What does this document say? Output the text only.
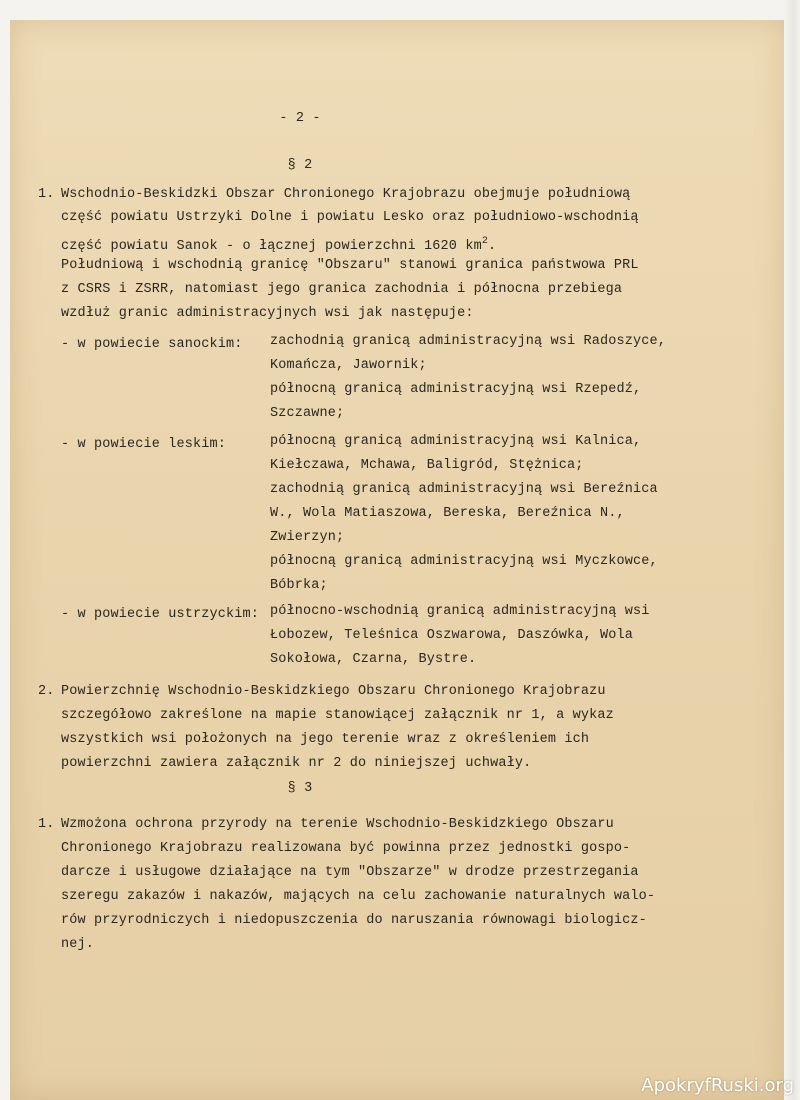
- 2 -
§ 2
1. Wschodnio-Beskidzki Obszar Chronionego Krajobrazu obejmuje południową
część powiatu Ustrzyki Dolne i powiatu Lesko oraz południowo-wschodnią
część powiatu Sanok - o łącznej powierzchni 1620 $km^2$.
Południową i wschodnią granicę "Obszaru" stanowi granica państwowa PRL
z CSRS i ZSRR, natomiast jego granica zachodnia i północna przebiega
wzdłuż granic administracyjnych wsi jak następuje:
- w powiecie sanockim: zachodnią granicą administracyjną wsi Radoszyce,
Komańcza, Jawornik;
północną granicą administracyjną wsi Rzepedź,
Szczawne;
- w powiecie leskim:	północną granicą administracyjną wsi Kalnica,
Kiełczawa, Mchawa, Baligród, Stężnica;
zachodnią granicą administracyjną wsi Bereźnica
W., Wola Matiaszowa, Bereska, Bereźnica N.,
Zwierzyn;
północną granicą administracyjną wsi Myczkowce,
Bóbrka;
- w powiecie ustrzyckim: północno-wschodnią granicą administracyjną wsi
Łobozew, Teleśnica Oszwarowa, Daszówka, Wola
Sokołowa, Czarna, Bystre.
2. Powierzchnię Wschodnio-Beskidzkiego Obszaru Chronionego Krajobrazu
szczegółowo zakreślone na mapie stanowiącej załącznik nr 1, a wykaz
wszystkich wsi położonych na jego terenie wraz z określeniem ich
powierzchni zawiera załącznik nr 2 do niniejszej uchwały.
§ 3
1. Wzmożona ochrona przyrody na terenie Wschodnio-Beskidzkiego Obszaru
Chronionego Krajobrazu realizowana być powinna przez jednostki gospo-
darcze i usługowe działające na tym "Obszarze" w drodze przestrzegania
szeregu zakazów i nakazów, mających na celu zachowanie naturalnych walo-
rów przyrodniczych i niedopuszczenia do naruszania równowagi biologicz-
nej.
ApokryfRuski.org
